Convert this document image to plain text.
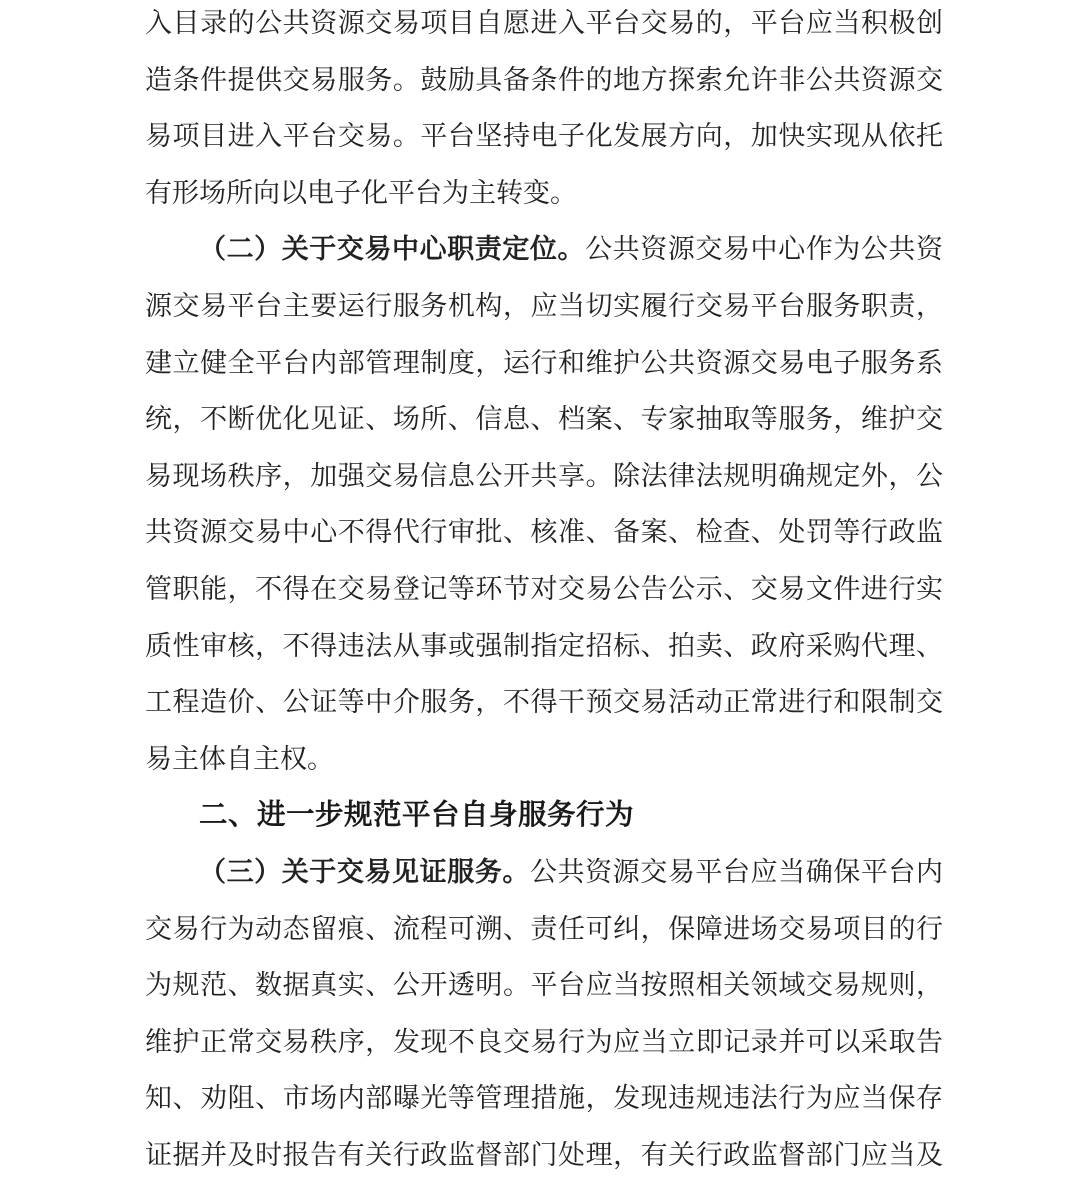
入目录的公共资源交易项目自愿进入平台交易的，平台应当积极创
造条件提供交易服务。鼓励具备条件的地方探索允许非公共资源交
易项目进入平台交易。平台坚持电子化发展方向，加快实现从依托
有形场所向以电子化平台为主转变。
（二）关于交易中心职责定位。公共资源交易中心作为公共资
源交易平台主要运行服务机构，应当切实履行交易平台服务职责，
建立健全平台内部管理制度，运行和维护公共资源交易电子服务系
统，不断优化见证、场所、信息、档案、专家抽取等服务，维护交
易现场秩序，加强交易信息公开共享。除法律法规明确规定外，公
共资源交易中心不得代行审批、核准、备案、检查、处罚等行政监
管职能，不得在交易登记等环节对交易公告公示、交易文件进行实
质性审核，不得违法从事或强制指定招标、拍卖、政府采购代理、
工程造价、公证等中介服务，不得干预交易活动正常进行和限制交
易主体自主权。
二、进一步规范平台自身服务行为
（三）关于交易见证服务。公共资源交易平台应当确保平台内
交易行为动态留痕、流程可溯、责任可纠，保障进场交易项目的行
为规范、数据真实、公开透明。平台应当按照相关领域交易规则，
维护正常交易秩序，发现不良交易行为应当立即记录并可以采取告
知、劝阻、市场内部曝光等管理措施，发现违规违法行为应当保存
证据并及时报告有关行政监督部门处理，有关行政监督部门应当及
